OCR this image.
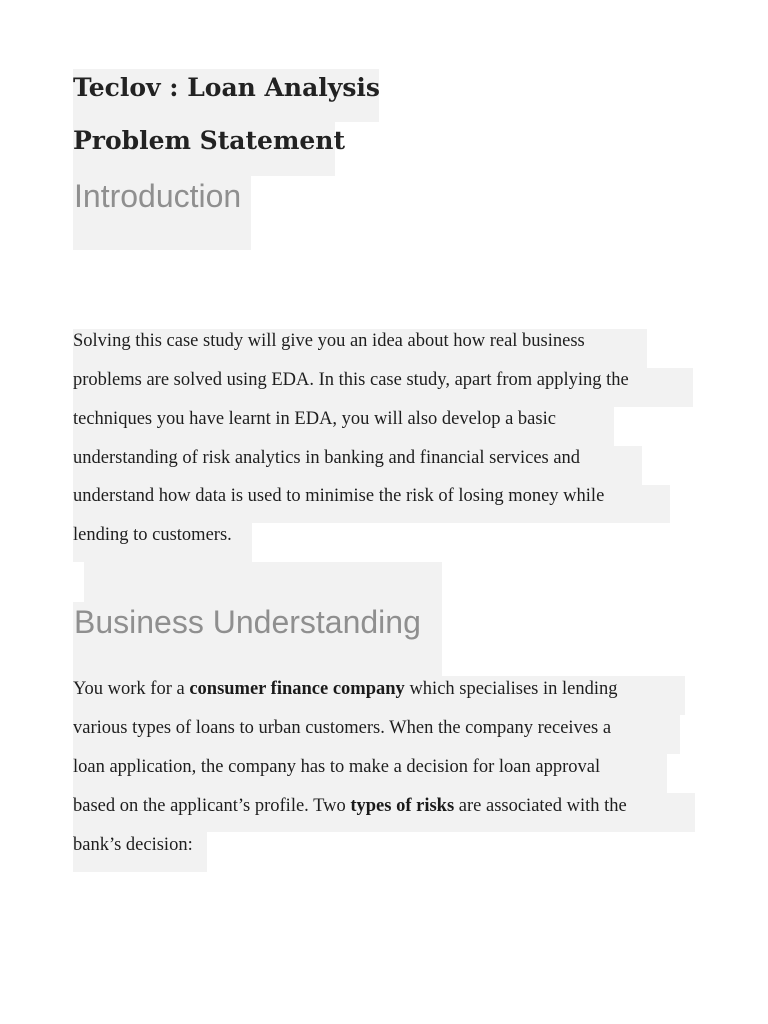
Teclov : Loan Analysis
Problem Statement
Introduction
Solving this case study will give you an idea about how real business
problems are solved using EDA. In this case study, apart from applying the
techniques you have learnt in EDA, you will also develop a basic
understanding of risk analytics in banking and financial services and
understand how data is used to minimise the risk of losing money while
lending to customers.
Business Understanding
You work for a consumer finance company which specialises in lending
various types of loans to urban customers. When the company receives a
loan application, the company has to make a decision for loan approval
based on the applicant’s profile. Two types of risks are associated with the
bank’s decision:
